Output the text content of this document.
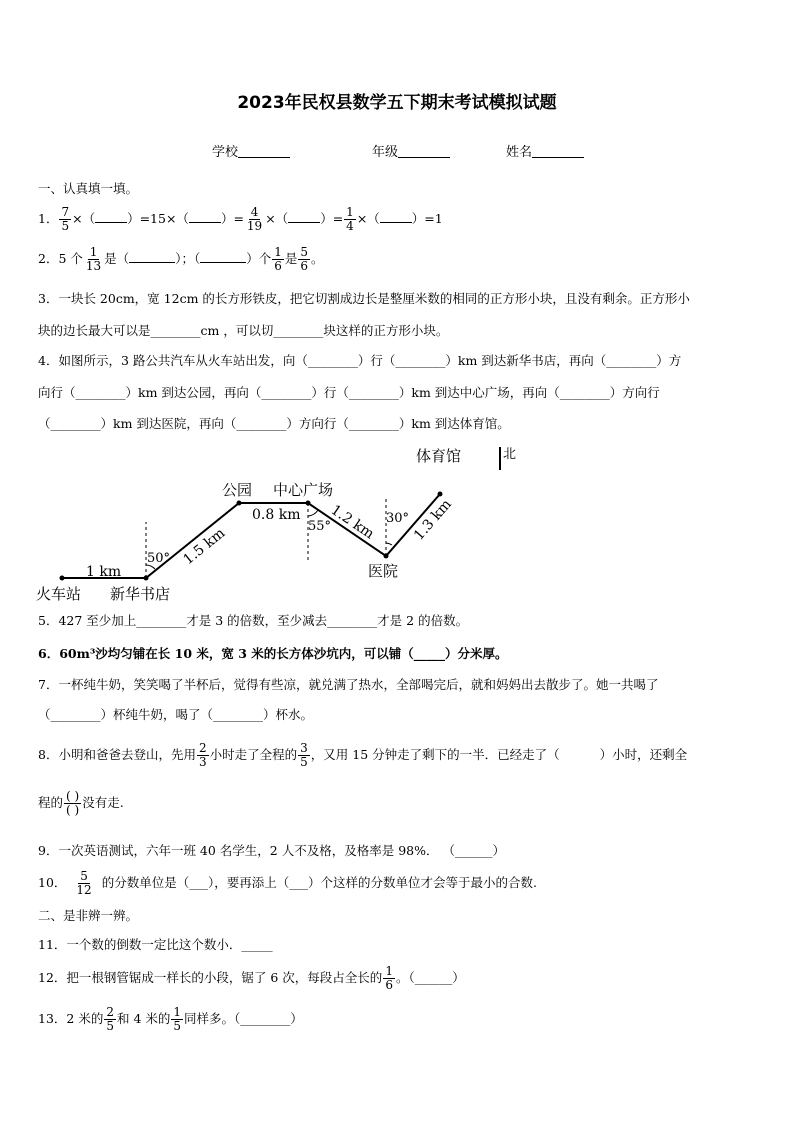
2023年民权县数学五下期末考试模拟试题
学校	年级	姓名
一、认真填一填。
1． $\frac{7}{5}$ ×（	）=15×（	）= $\frac{4}{19}$ ×（	）= $\frac{1}{4}$ ×（	）=1
2．5 个 $\frac{1}{13}$ 是（	）；（	）个 $\frac{1}{6}$ 是 $\frac{5}{6}$ 。
3．一块长 20cm，宽 12cm 的长方形铁皮，把它切割成边长是整厘米数的相同的正方形小块，且没有剩余。正方形小
块的边长最大可以是________cm ，可以切________块这样的正方形小块。
4．如图所示，3 路公共汽车从火车站出发，向（________）行（________）km 到达新华书店，再向（________）方
向行（________）km 到达公园，再向（________）行（________）km 到达中心广场，再向（________）方向行
（________）km 到达医院，再向（________）方向行（________）km 到达体育馆。
北
火车站 新华书店
公园 中心广场
医院
体育馆
1 km
1.5 km
0.8 km 1.2 km 1.3 km
50°
55°
30°
5．427 至少加上________才是 3 的倍数，至少减去________才是 2 的倍数。
6．60m³沙均匀铺在长 10 米，宽 3 米的长方体沙坑内，可以铺（_____）分米厚。
7．一杯纯牛奶，笑笑喝了半杯后，觉得有些凉，就兑满了热水，全部喝完后，就和妈妈出去散步了。她一共喝了
（________）杯纯牛奶，喝了（________）杯水。
8．小明和爸爸去登山，先用 $\frac{2}{3}$ 小时走了全程的 $\frac{3}{5}$ ，又用 15 分钟走了剩下的一半．已经走了（	）小时，还剩全
程的 $\frac{( )}{( )}$ 没有走.
9．一次英语测试，六年一班 40 名学生，2 人不及格，及格率是 98%． （______）
10． $\frac{5}{12}$ 的分数单位是（___），要再添上（___）个这样的分数单位才会等于最小的合数.
二、是非辨一辨。
11．一个数的倒数一定比这个数小．_____
12．把一根钢管锯成一样长的小段，锯了 6 次，每段占全长的 $\frac{1}{6}$ 。（______）
13．2 米的 $\frac{2}{5}$ 和 4 米的 $\frac{1}{5}$ 同样多。（________）
